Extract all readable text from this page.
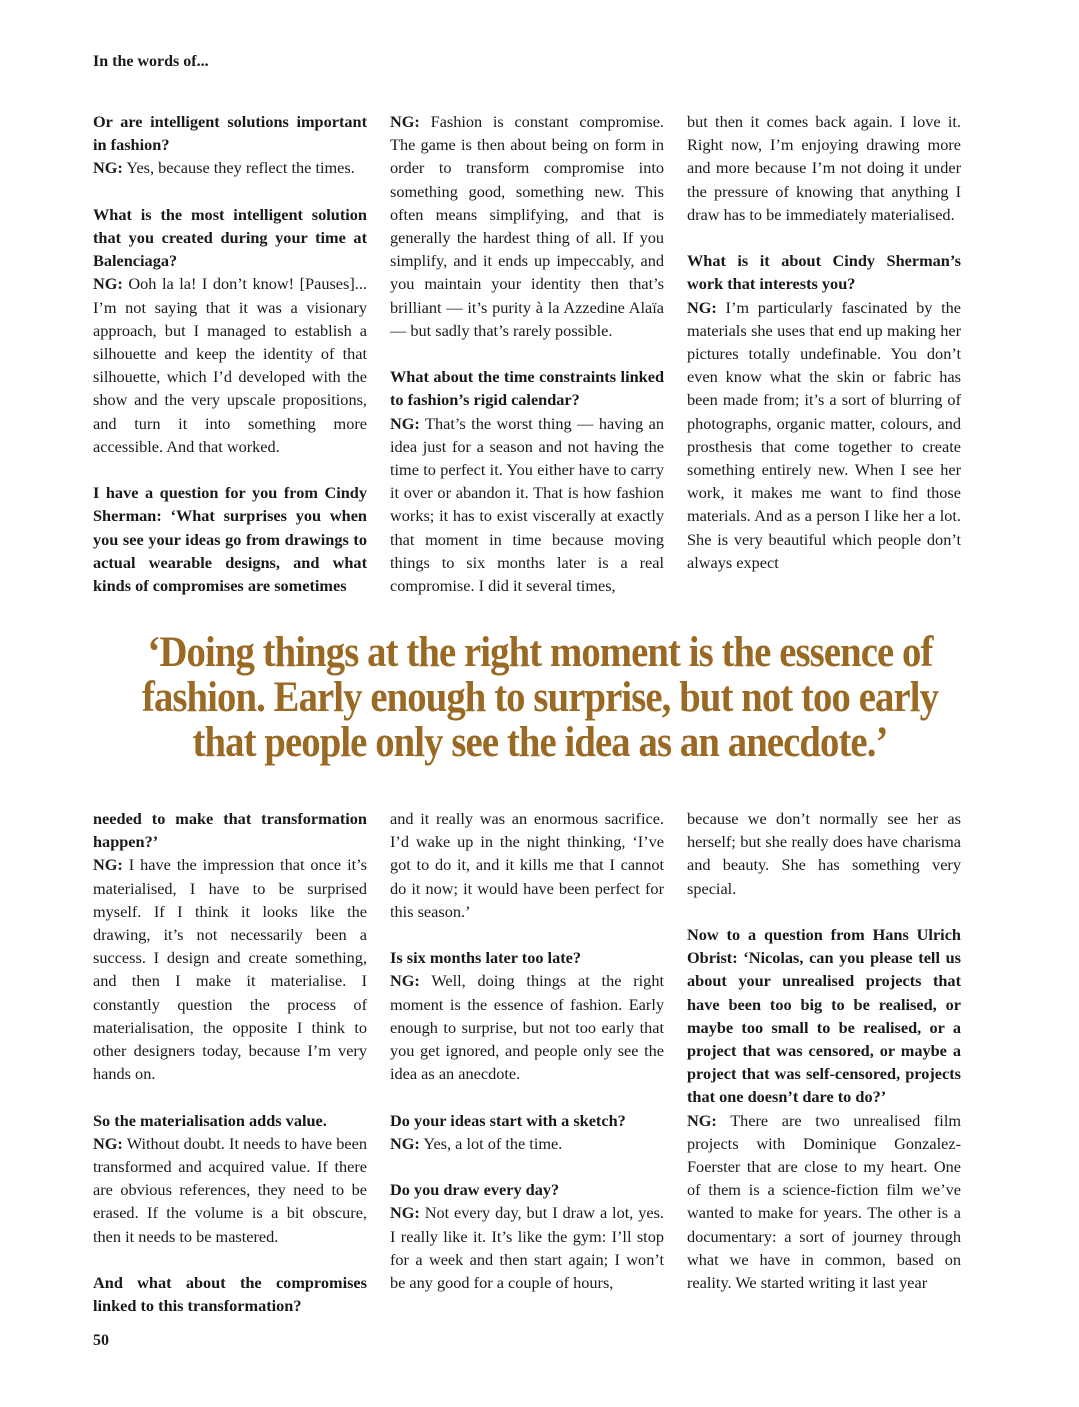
In the words of...
Or are intelligent solutions important in fashion?
NG: Yes, because they reflect the times.
What is the most intelligent solution that you created during your time at Balenciaga?
NG: Ooh la la! I don’t know! [Pauses]... I’m not saying that it was a visionary approach, but I managed to establish a silhouette and keep the identity of that silhouette, which I’d developed with the show and the very upscale propositions, and turn it into something more accessible. And that worked.
I have a question for you from Cindy Sherman: ‘What surprises you when you see your ideas go from drawings to actual wearable designs, and what kinds of compromises are sometimes
NG: Fashion is constant compromise. The game is then about being on form in order to transform compromise into something good, something new. This often means simplifying, and that is generally the hardest thing of all. If you simplify, and it ends up impeccably, and you maintain your identity then that’s brilliant — it’s purity à la Azzedine Alaïa — but sadly that’s rarely possible.
What about the time constraints linked to fashion’s rigid calendar?
NG: That’s the worst thing — having an idea just for a season and not having the time to perfect it. You either have to carry it over or abandon it. That is how fashion works; it has to exist viscerally at exactly that moment in time because moving things to six months later is a real compromise. I did it several times,
but then it comes back again. I love it. Right now, I’m enjoying drawing more and more because I’m not doing it under the pressure of knowing that anything I draw has to be immediately materialised.
What is it about Cindy Sherman’s work that interests you?
NG: I’m particularly fascinated by the materials she uses that end up making her pictures totally undefinable. You don’t even know what the skin or fabric has been made from; it’s a sort of blurring of photographs, organic matter, colours, and prosthesis that come together to create something entirely new. When I see her work, it makes me want to find those materials. And as a person I like her a lot. She is very beautiful which people don’t always expect
‘Doing things at the right moment is the essence of fashion. Early enough to surprise, but not too early that people only see the idea as an anecdote.’
needed to make that transformation happen?’
NG: I have the impression that once it’s materialised, I have to be surprised myself. If I think it looks like the drawing, it’s not necessarily been a success. I design and create something, and then I make it materialise. I constantly question the process of materialisation, the opposite I think to other designers today, because I’m very hands on.
So the materialisation adds value.
NG: Without doubt. It needs to have been transformed and acquired value. If there are obvious references, they need to be erased. If the volume is a bit obscure, then it needs to be mastered.
And what about the compromises linked to this transformation?
and it really was an enormous sacrifice. I’d wake up in the night thinking, ‘I’ve got to do it, and it kills me that I cannot do it now; it would have been perfect for this season.’
Is six months later too late?
NG: Well, doing things at the right moment is the essence of fashion. Early enough to surprise, but not too early that you get ignored, and people only see the idea as an anecdote.
Do your ideas start with a sketch?
NG: Yes, a lot of the time.
Do you draw every day?
NG: Not every day, but I draw a lot, yes. I really like it. It’s like the gym: I’ll stop for a week and then start again; I won’t be any good for a couple of hours,
because we don’t normally see her as herself; but she really does have charisma and beauty. She has something very special.
Now to a question from Hans Ulrich Obrist: ‘Nicolas, can you please tell us about your unrealised projects that have been too big to be realised, or maybe too small to be realised, or a project that was censored, or maybe a project that was self-censored, projects that one doesn’t dare to do?’
NG: There are two unrealised film projects with Dominique Gonzalez-Foerster that are close to my heart. One of them is a science-fiction film we’ve wanted to make for years. The other is a documentary: a sort of journey through what we have in common, based on reality. We started writing it last year
50
